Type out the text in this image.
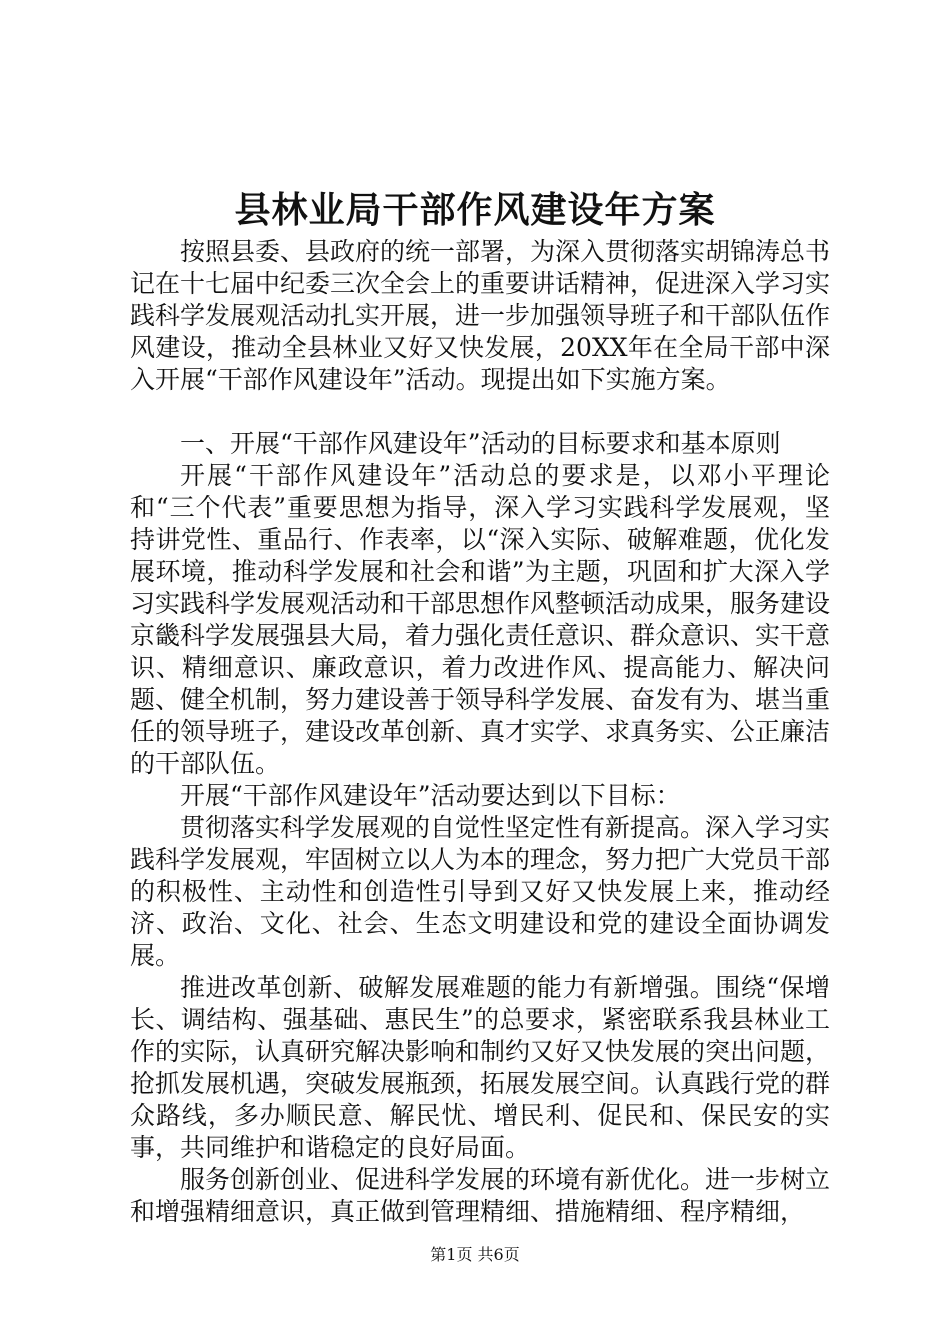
县林业局干部作风建设年方案

按照县委、县政府的统一部署，为深入贯彻落实胡锦涛总书记在十七届中纪委三次全会上的重要讲话精神，促进深入学习实践科学发展观活动扎实开展，进一步加强领导班子和干部队伍作风建设，推动全县林业又好又快发展，20XX年在全局干部中深入开展“干部作风建设年”活动。现提出如下实施方案。

一、开展“干部作风建设年”活动的目标要求和基本原则

开展“干部作风建设年”活动总的要求是，以邓小平理论和“三个代表”重要思想为指导，深入学习实践科学发展观，坚持讲党性、重品行、作表率，以“深入实际、破解难题，优化发展环境，推动科学发展和社会和谐”为主题，巩固和扩大深入学习实践科学发展观活动和干部思想作风整顿活动成果，服务建设京畿科学发展强县大局，着力强化责任意识、群众意识、实干意识、精细意识、廉政意识，着力改进作风、提高能力、解决问题、健全机制，努力建设善于领导科学发展、奋发有为、堪当重任的领导班子，建设改革创新、真才实学、求真务实、公正廉洁的干部队伍。

开展“干部作风建设年”活动要达到以下目标：

贯彻落实科学发展观的自觉性坚定性有新提高。深入学习实践科学发展观，牢固树立以人为本的理念，努力把广大党员干部的积极性、主动性和创造性引导到又好又快发展上来，推动经济、政治、文化、社会、生态文明建设和党的建设全面协调发展。

推进改革创新、破解发展难题的能力有新增强。围绕“保增长、调结构、强基础、惠民生”的总要求，紧密联系我县林业工作的实际，认真研究解决影响和制约又好又快发展的突出问题，抢抓发展机遇，突破发展瓶颈，拓展发展空间。认真践行党的群众路线，多办顺民意、解民忧、增民利、促民和、保民安的实事，共同维护和谐稳定的良好局面。

服务创新创业、促进科学发展的环境有新优化。进一步树立和增强精细意识，真正做到管理精细、措施精细、程序精细，

第1页 共6页
